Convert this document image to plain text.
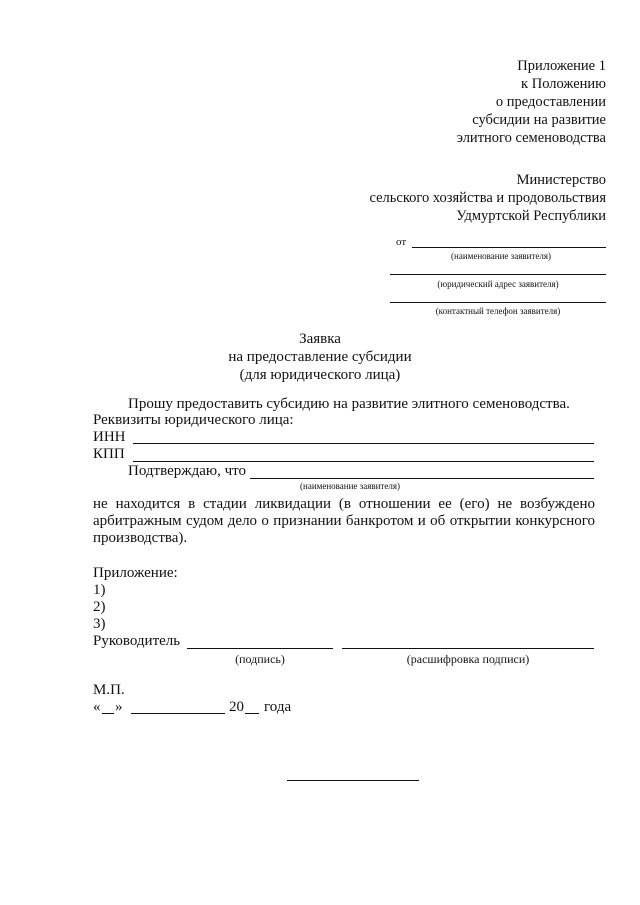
Приложение 1
к Положению
о предоставлении
субсидии на развитие
элитного семеноводства
Министерство
сельского хозяйства и продовольствия
Удмуртской Республики
от
(наименование заявителя)
(юридический адрес заявителя)
(контактный телефон заявителя)
Заявка
на предоставление субсидии
(для юридического лица)
Прошу предоставить субсидию на развитие элитного семеноводства.
Реквизиты юридического лица:
ИНН
КПП
Подтверждаю, что
(наименование заявителя)
не находится в стадии ликвидации (в отношении ее (его) не возбуждено
арбитражным судом дело о признании банкротом и об открытии конкурсного
производства).
Приложение:
1)
2)
3)
Руководитель
(подпись)	(расшифровка подписи)
М.П.
« »	20 года
